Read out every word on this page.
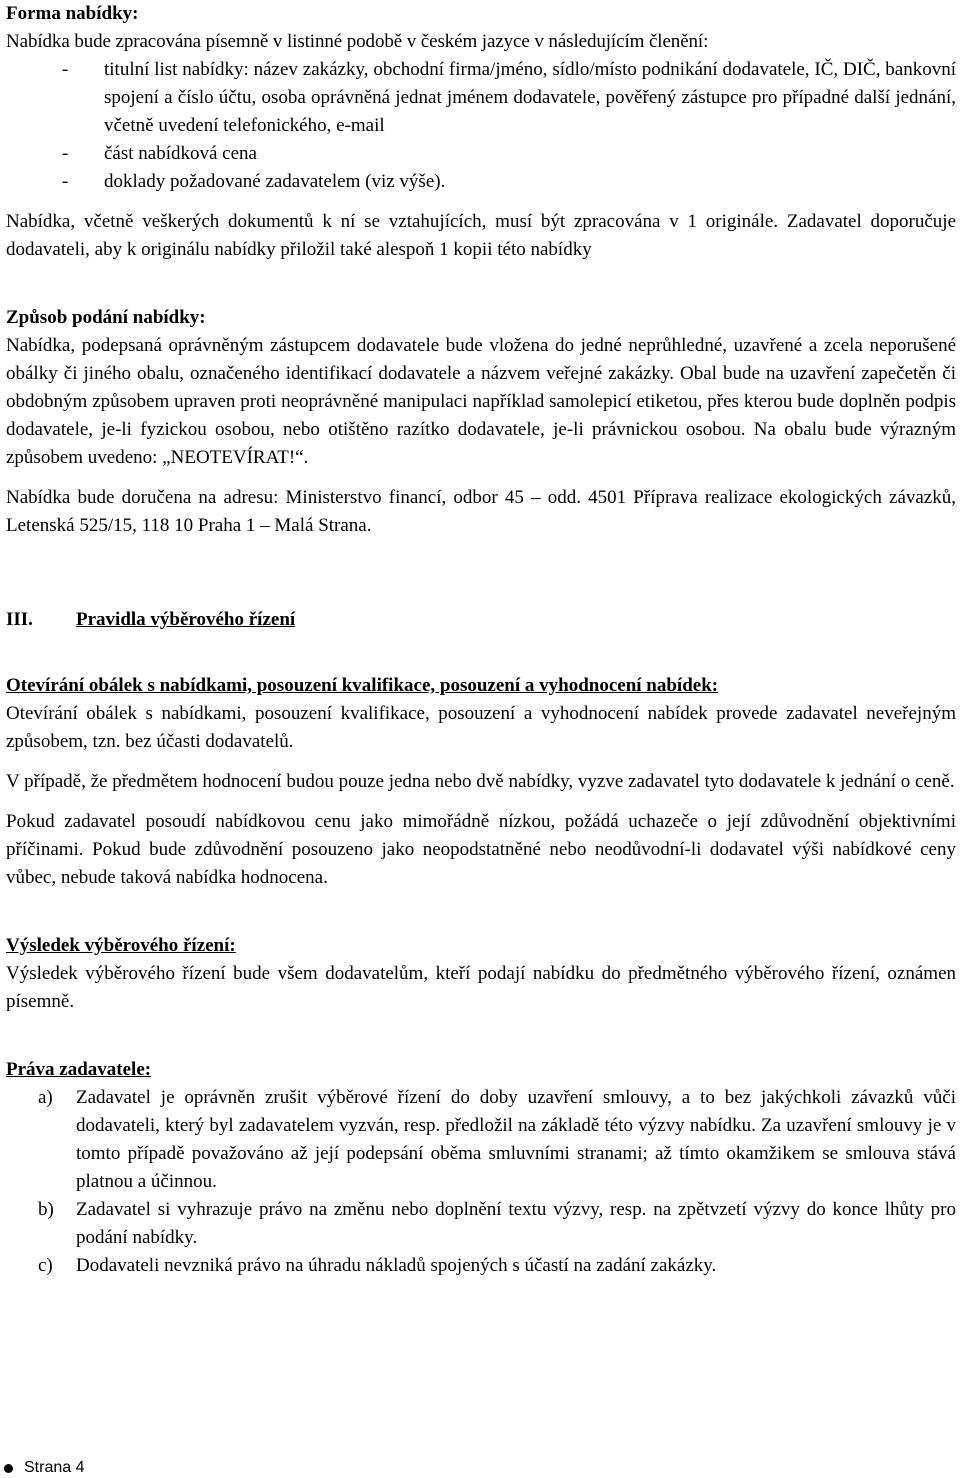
Forma nabídky:

Nabídka bude zpracována písemně v listinné podobě v českém jazyce v následujícím členění:

- titulní list nabídky: název zakázky, obchodní firma/jméno, sídlo/místo podnikání dodavatele, IČ, DIČ, bankovní spojení a číslo účtu, osoba oprávněná jednat jménem dodavatele, pověřený zástupce pro případné další jednání, včetně uvedení telefonického, e-mail
- část nabídková cena
- doklady požadované zadavatelem (viz výše).

Nabídka, včetně veškerých dokumentů k ní se vztahujících, musí být zpracována v 1 originále. Zadavatel doporučuje dodavateli, aby k originálu nabídky přiložil také alespoň 1 kopii této nabídky

Způsob podání nabídky:

Nabídka, podepsaná oprávněným zástupcem dodavatele bude vložena do jedné neprůhledné, uzavřené a zcela neporušené obálky či jiného obalu, označeného identifikací dodavatele a názvem veřejné zakázky. Obal bude na uzavření zapečetěn či obdobným způsobem upraven proti neoprávněné manipulaci například samolepicí etiketou, přes kterou bude doplněn podpis dodavatele, je-li fyzickou osobou, nebo otištěno razítko dodavatele, je-li právnickou osobou. Na obalu bude výrazným způsobem uvedeno: „NEOTEVÍRAT!“.

Nabídka bude doručena na adresu: Ministerstvo financí, odbor 45 – odd. 4501 Příprava realizace ekologických závazků, Letenská 525/15, 118 10 Praha 1 – Malá Strana.

III.	Pravidla výběrového řízení

Otevírání obálek s nabídkami, posouzení kvalifikace, posouzení a vyhodnocení nabídek:

Otevírání obálek s nabídkami, posouzení kvalifikace, posouzení a vyhodnocení nabídek provede zadavatel neveřejným způsobem, tzn. bez účasti dodavatelů.

V případě, že předmětem hodnocení budou pouze jedna nebo dvě nabídky, vyzve zadavatel tyto dodavatele k jednání o ceně.

Pokud zadavatel posoudí nabídkovou cenu jako mimořádně nízkou, požádá uchazeče o její zdůvodnění objektivními příčinami. Pokud bude zdůvodnění posouzeno jako neopodstatněné nebo neodůvodní-li dodavatel výši nabídkové ceny vůbec, nebude taková nabídka hodnocena.

Výsledek výběrového řízení:

Výsledek výběrového řízení bude všem dodavatelům, kteří podají nabídku do předmětného výběrového řízení, oznámen písemně.

Práva zadavatele:

a) Zadavatel je oprávněn zrušit výběrové řízení do doby uzavření smlouvy, a to bez jakýchkoli závazků vůči dodavateli, který byl zadavatelem vyzván, resp. předložil na základě této výzvy nabídku. Za uzavření smlouvy je v tomto případě považováno až její podepsání oběma smluvními stranami; až tímto okamžikem se smlouva stává platnou a účinnou.
b) Zadavatel si vyhrazuje právo na změnu nebo doplnění textu výzvy, resp. na zpětvzetí výzvy do konce lhůty pro podání nabídky.
c) Dodavateli nevzniká právo na úhradu nákladů spojených s účastí na zadání zakázky.
Strana 4
